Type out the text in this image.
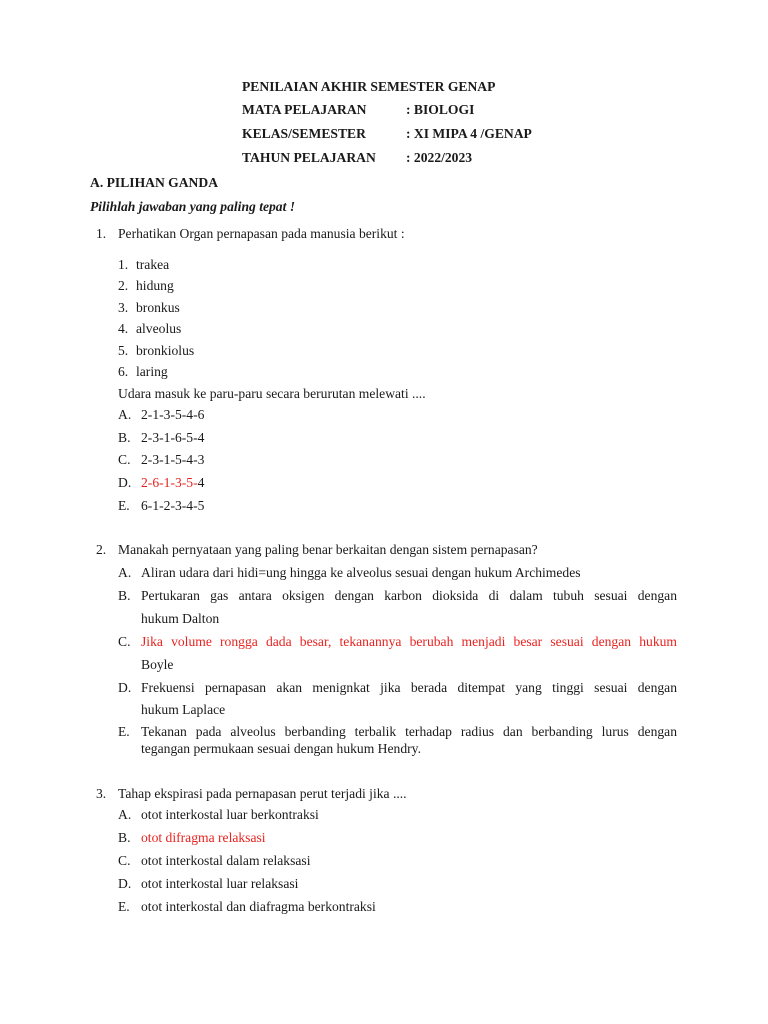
PENILAIAN AKHIR SEMESTER GENAP
MATA PELAJARAN	: BIOLOGI
KELAS/SEMESTER	: XI MIPA 4 /GENAP
TAHUN PELAJARAN : 2022/2023
A. PILIHAN GANDA
Pilihlah jawaban yang paling tepat !
1. Perhatikan Organ pernapasan pada manusia berikut :
1. trakea
2. hidung
3. bronkus
4. alveolus
5. bronkiolus
6. laring
Udara masuk ke paru-paru secara berurutan melewati ....
A. 2-1-3-5-4-6
B. 2-3-1-6-5-4
C. 2-3-1-5-4-3
D. 2-6-1-3-5-4
E. 6-1-2-3-4-5
2. Manakah pernyataan yang paling benar berkaitan dengan sistem pernapasan?
A. Aliran udara dari hidi=ung hingga ke alveolus sesuai dengan hukum Archimedes
B. Pertukaran gas antara oksigen dengan karbon dioksida di dalam tubuh sesuai dengan
hukum Dalton
C. Jika volume rongga dada besar, tekanannya berubah menjadi besar sesuai dengan hukum
Boyle
D. Frekuensi pernapasan akan menignkat jika berada ditempat yang tinggi sesuai dengan
hukum Laplace
E. Tekanan pada alveolus berbanding terbalik terhadap radius dan berbanding lurus dengan
tegangan permukaan sesuai dengan hukum Hendry.
3. Tahap ekspirasi pada pernapasan perut terjadi jika ....
A. otot interkostal luar berkontraksi
B. otot difragma relaksasi
C. otot interkostal dalam relaksasi
D. otot interkostal luar relaksasi
E. otot interkostal dan diafragma berkontraksi
